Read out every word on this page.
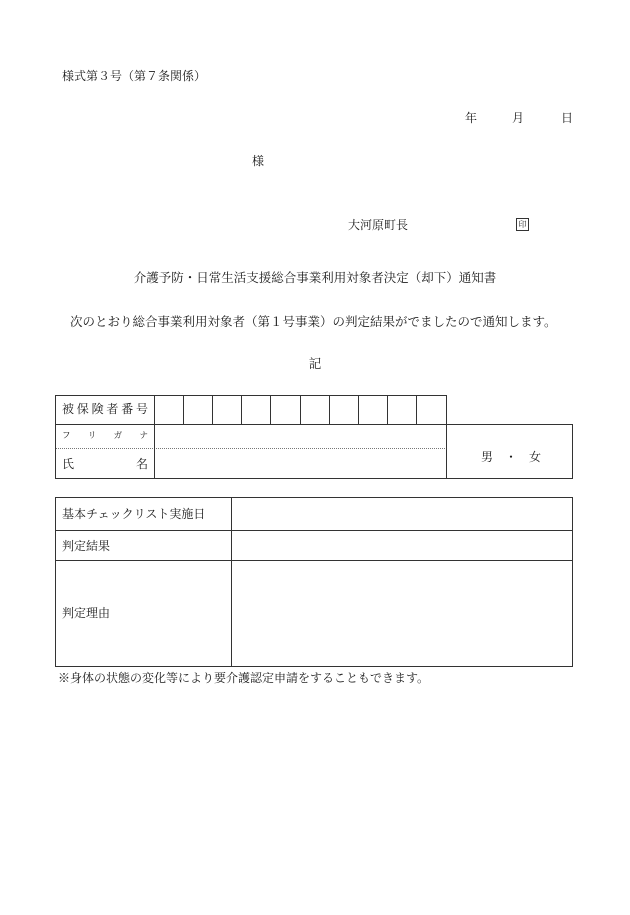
様式第３号（第７条関係）
年	月	日
様
大河原町長	印
介護予防・日常生活支援総合事業利用対象者決定（却下）通知書
次のとおり総合事業利用対象者（第１号事業）の判定結果がでましたので通知します。
記
被 保 険 者 番 号
フ リ ガ ナ
氏	名	男　・　女
基本チェックリスト実施日
判定結果
判定理由
※身体の状態の変化等により要介護認定申請をすることもできます。
